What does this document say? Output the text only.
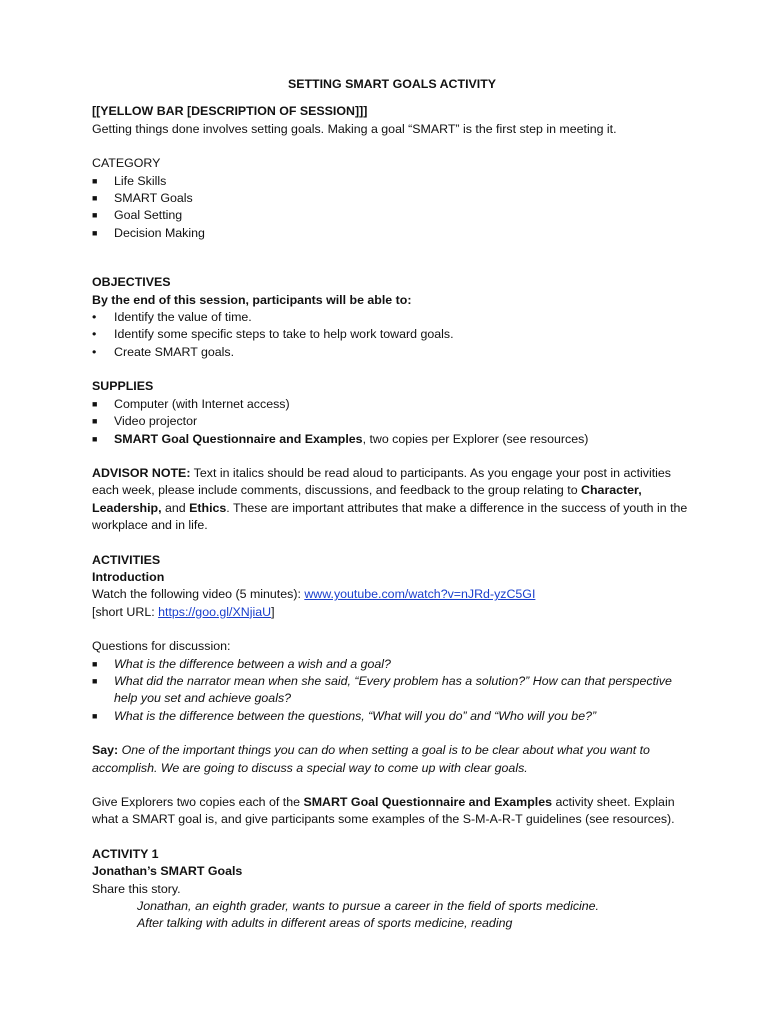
SETTING SMART GOALS ACTIVITY

[[YELLOW BAR [DESCRIPTION OF SESSION]]]

Getting things done involves setting goals. Making a goal “SMART” is the first step in meeting it.

CATEGORY

■	Life Skills
■	SMART Goals
■	Goal Setting
■	Decision Making

OBJECTIVES

By the end of this session, participants will be able to:

•	Identify the value of time.
•	Identify some specific steps to take to help work toward goals.
•	Create SMART goals.

SUPPLIES

■	Computer (with Internet access)
■	Video projector
■	SMART Goal Questionnaire and Examples, two copies per Explorer (see resources)

ADVISOR NOTE: Text in italics should be read aloud to participants. As you engage your post in activities each week, please include comments, discussions, and feedback to the group relating to Character, Leadership, and Ethics. These are important attributes that make a difference in the success of youth in the workplace and in life.

ACTIVITIES

Introduction

Watch the following video (5 minutes): www.youtube.com/watch?v=nJRd-yzC5GI

[short URL: https://goo.gl/XNjiaU]

Questions for discussion:

■	What is the difference between a wish and a goal?
■	What did the narrator mean when she said, “Every problem has a solution?” How can that perspective help you set and achieve goals?
■	What is the difference between the questions, “What will you do” and “Who will you be?”

Say: One of the important things you can do when setting a goal is to be clear about what you want to accomplish. We are going to discuss a special way to come up with clear goals.

Give Explorers two copies each of the SMART Goal Questionnaire and Examples activity sheet. Explain what a SMART goal is, and give participants some examples of the S-M-A-R-T guidelines (see resources).

ACTIVITY 1

Jonathan’s SMART Goals

Share this story.

Jonathan, an eighth grader, wants to pursue a career in the field of sports medicine. After talking with adults in different areas of sports medicine, reading
